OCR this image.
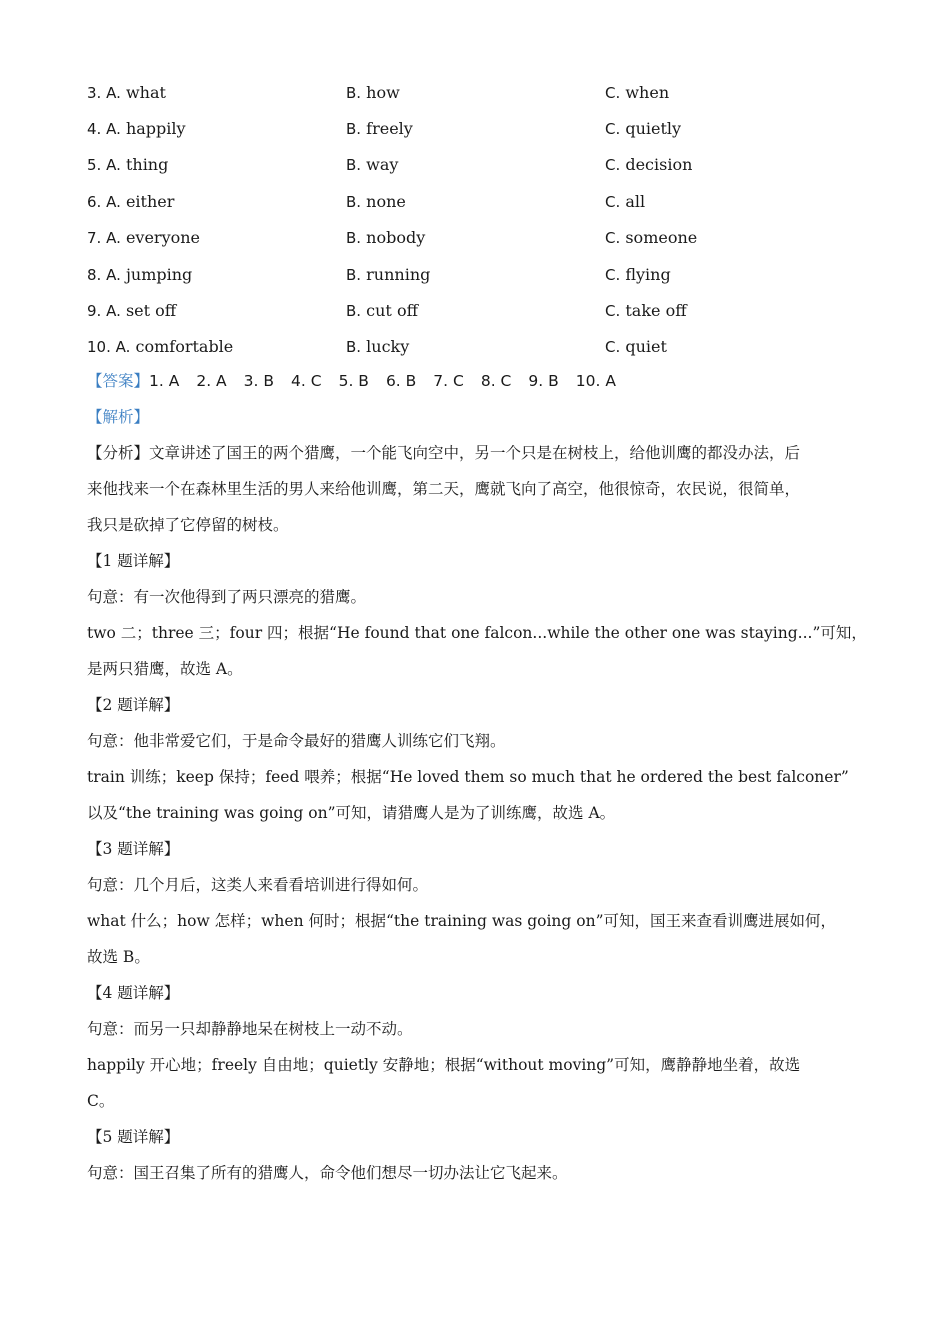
3. A. what	B. how	C. when
4. A. happily	B. freely	C. quietly
5. A. thing	B. way	C. decision
6. A. either	B. none	C. all
7. A. everyone	B. nobody	C. someone
8. A. jumping	B. running	C. flying
9. A. set off	B. cut off	C. take off
10. A. comfortable	B. lucky	C. quiet
【答案】1. A 2. A 3. B 4. C 5. B 6. B 7. C 8. C 9. B 10. A
【解析】
【分析】文章讲述了国王的两个猎鹰，一个能飞向空中，另一个只是在树枝上，给他训鹰的都没办法，后
来他找来一个在森林里生活的男人来给他训鹰，第二天，鹰就飞向了高空，他很惊奇，农民说，很简单，
我只是砍掉了它停留的树枝。
【1 题详解】
句意：有一次他得到了两只漂亮的猎鹰。
two 二；three 三；four 四；根据“He found that one falcon...while the other one was staying...”可知，
是两只猎鹰，故选 A。
【2 题详解】
句意：他非常爱它们，于是命令最好的猎鹰人训练它们飞翔。
train 训练；keep 保持；feed 喂养；根据“He loved them so much that he ordered the best falconer”
以及“the training was going on”可知，请猎鹰人是为了训练鹰，故选 A。
【3 题详解】
句意：几个月后，这类人来看看培训进行得如何。
what 什么；how 怎样；when 何时；根据“the training was going on”可知，国王来查看训鹰进展如何，
故选 B。
【4 题详解】
句意：而另一只却静静地呆在树枝上一动不动。
happily 开心地；freely 自由地；quietly 安静地；根据“without moving”可知，鹰静静地坐着，故选
C。
【5 题详解】
句意：国王召集了所有的猎鹰人，命令他们想尽一切办法让它飞起来。
